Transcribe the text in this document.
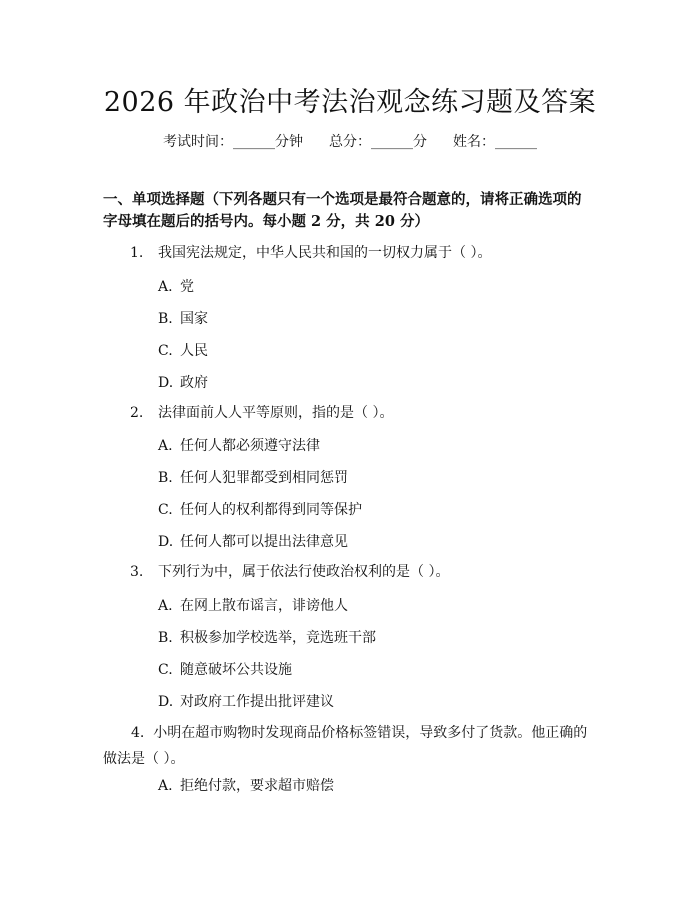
2026 年政治中考法治观念练习题及答案
考试时间：______分钟 总分：______分 姓名：______
一、单项选择题（下列各题只有一个选项是最符合题意的，请将正确选项的字母填在题后的括号内。每小题 2 分，共 20 分）
1. 我国宪法规定，中华人民共和国的一切权力属于（ ）。
A. 党
B. 国家
C. 人民
D. 政府
2. 法律面前人人平等原则，指的是（ ）。
A. 任何人都必须遵守法律
B. 任何人犯罪都受到相同惩罚
C. 任何人的权利都得到同等保护
D. 任何人都可以提出法律意见
3. 下列行为中，属于依法行使政治权利的是（ ）。
A. 在网上散布谣言，诽谤他人
B. 积极参加学校选举，竞选班干部
C. 随意破坏公共设施
D. 对政府工作提出批评建议
4. 小明在超市购物时发现商品价格标签错误，导致多付了货款。他正确的做法是（ ）。
A. 拒绝付款，要求超市赔偿
